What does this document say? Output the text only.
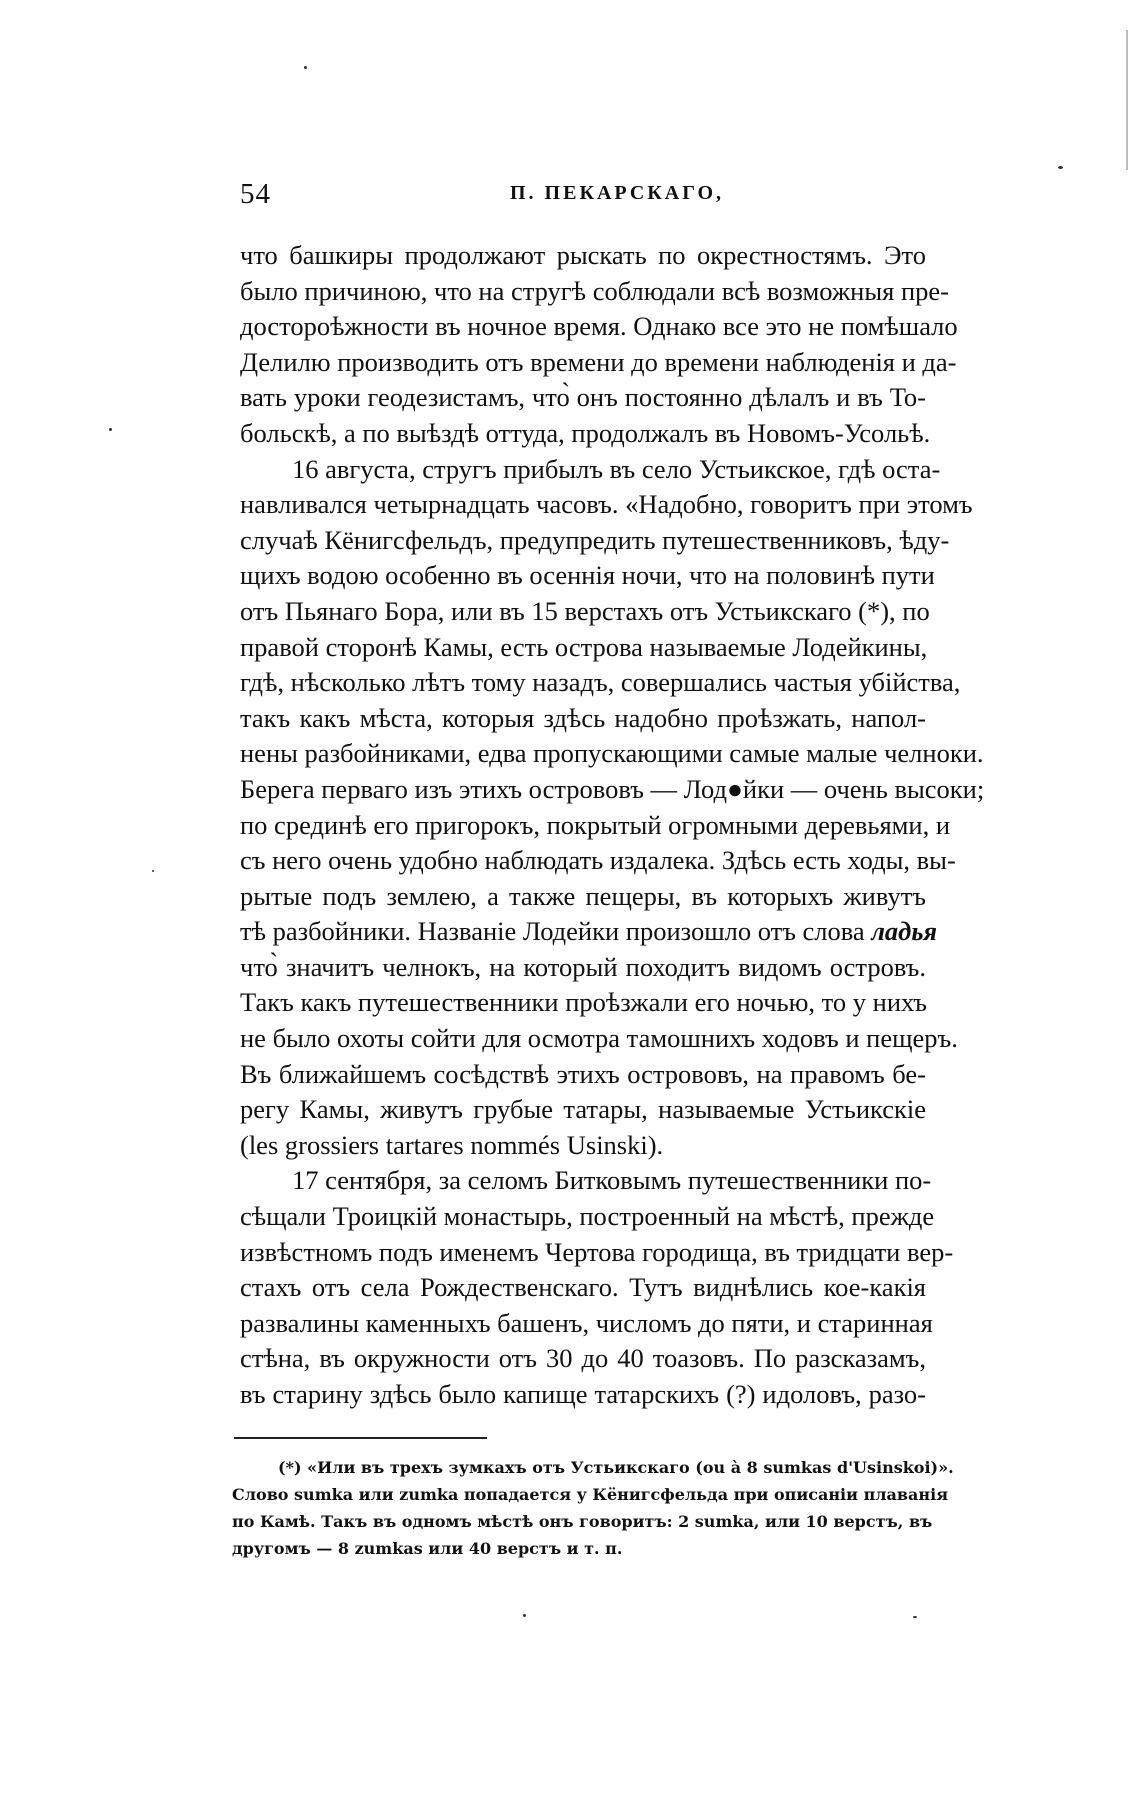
54	П. ПЕКАРСКАГО,
что башкиры продолжают рыскать по окрестностямъ. Это
было причиною, что на стругѣ соблюдали всѣ возможныя пре-
достороѣжности въ ночное время. Однако все это не помѣшало
Делилю производить отъ времени до времени наблюденія и да-
вать уроки геодезистамъ, что̀ онъ постоянно дѣлалъ и въ То-
больскѣ, а по выѣздѣ оттуда, продолжалъ въ Новомъ-Усольѣ.
16 августа, стругъ прибылъ въ село Устьикское, гдѣ оста-
навливался четырнадцать часовъ. «Надобно, говоритъ при этомъ
случаѣ Кёнигсфельдъ, предупредить путешественниковъ, ѣду-
щихъ водою особенно въ осеннія ночи, что на половинѣ пути
отъ Пьянаго Бора, или въ 15 верстахъ отъ Устьикскаго (*), по
правой сторонѣ Камы, есть острова называемые Лодейкины,
гдѣ, нѣсколько лѣтъ тому назадъ, совершались частыя убійства,
такъ какъ мѣста, которыя здѣсь надобно проѣзжать, напол-
нены разбойниками, едва пропускающими самые малые челноки.
Берега перваго изъ этихъ острововъ — Лод●йки — очень высоки;
по срединѣ его пригорокъ, покрытый огромными деревьями, и
съ него очень удобно наблюдать издалека. Здѣсь есть ходы, вы-
рытые подъ землею, а также пещеры, въ которыхъ живутъ
тѣ разбойники. Названіе Лодейки произошло отъ слова ладья
что̀ значитъ челнокъ, на который походитъ видомъ островъ.
Такъ какъ путешественники проѣзжали его ночью, то у нихъ
не было охоты сойти для осмотра тамошнихъ ходовъ и пещеръ.
Въ ближайшемъ сосѣдствѣ этихъ острововъ, на правомъ бе-
регу Камы, живутъ грубые татары, называемые Устьикскіе
(les grossiers tartares nommés Usinski).
17 сентября, за селомъ Битковымъ путешественники по-
сѣщали Троицкій монастырь, построенный на мѣстѣ, прежде
извѣстномъ подъ именемъ Чертова городища, въ тридцати вер-
стахъ отъ села Рождественскаго. Тутъ виднѣлись кое-какія
развалины каменныхъ башенъ, числомъ до пяти, и старинная
стѣна, въ окружности отъ 30 до 40 тоазовъ. По разсказамъ,
въ старину здѣсь было капище татарскихъ (?) идоловъ, разо-
(*) «Или въ трехъ зумкахъ отъ Устьикскаго (ou à 8 sumkas d'Usinskoi)».
Слово sumka или zumka попадается у Кёнигсфельда при описаніи плаванія
по Камѣ. Такъ въ одномъ мѣстѣ онъ говоритъ: 2 sumka, или 10 верстъ, въ
другомъ — 8 zumkas или 40 верстъ и т. п.
